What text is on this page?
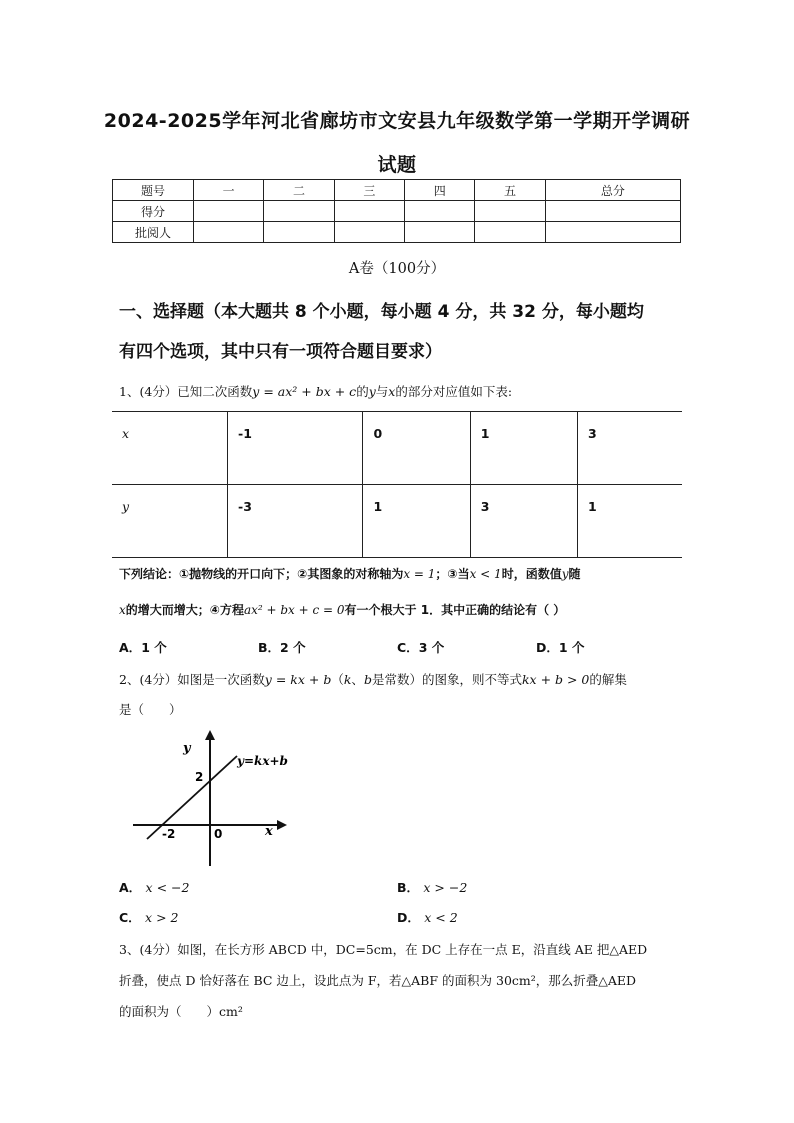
2024-2025学年河北省廊坊市文安县九年级数学第一学期开学调研
试题
题号	一	二	三	四	五	总分
得分						
批阅人						
A卷（100分）
一、选择题（本大题共 8 个小题，每小题 4 分，共 32 分，每小题均
有四个选项，其中只有一项符合题目要求）
1、(4分）已知二次函数y = ax² + bx + c的y与x的部分对应值如下表:
x	-1	0	1	3
y	-3	1	3	1
下列结论：①抛物线的开口向下；②其图象的对称轴为x = 1；③当x < 1时，函数值y随
x的增大而增大；④方程ax² + bx + c = 0有一个根大于 1．其中正确的结论有（ ）
A．1 个	B．2 个	C．3 个	D．1 个
2、(4分）如图是一次函数y = kx + b（k、b是常数）的图象，则不等式kx + b > 0的解集
是（　　）
y
x
y=kx+b
2
-2	0
A． x < −2	B． x > −2
C． x > 2	D． x < 2
3、(4分）如图，在长方形 ABCD 中，DC=5cm，在 DC 上存在一点 E，沿直线 AE 把△AED
折叠，使点 D 恰好落在 BC 边上，设此点为 F，若△ABF 的面积为 30cm²，那么折叠△AED
的面积为（　　）cm²
